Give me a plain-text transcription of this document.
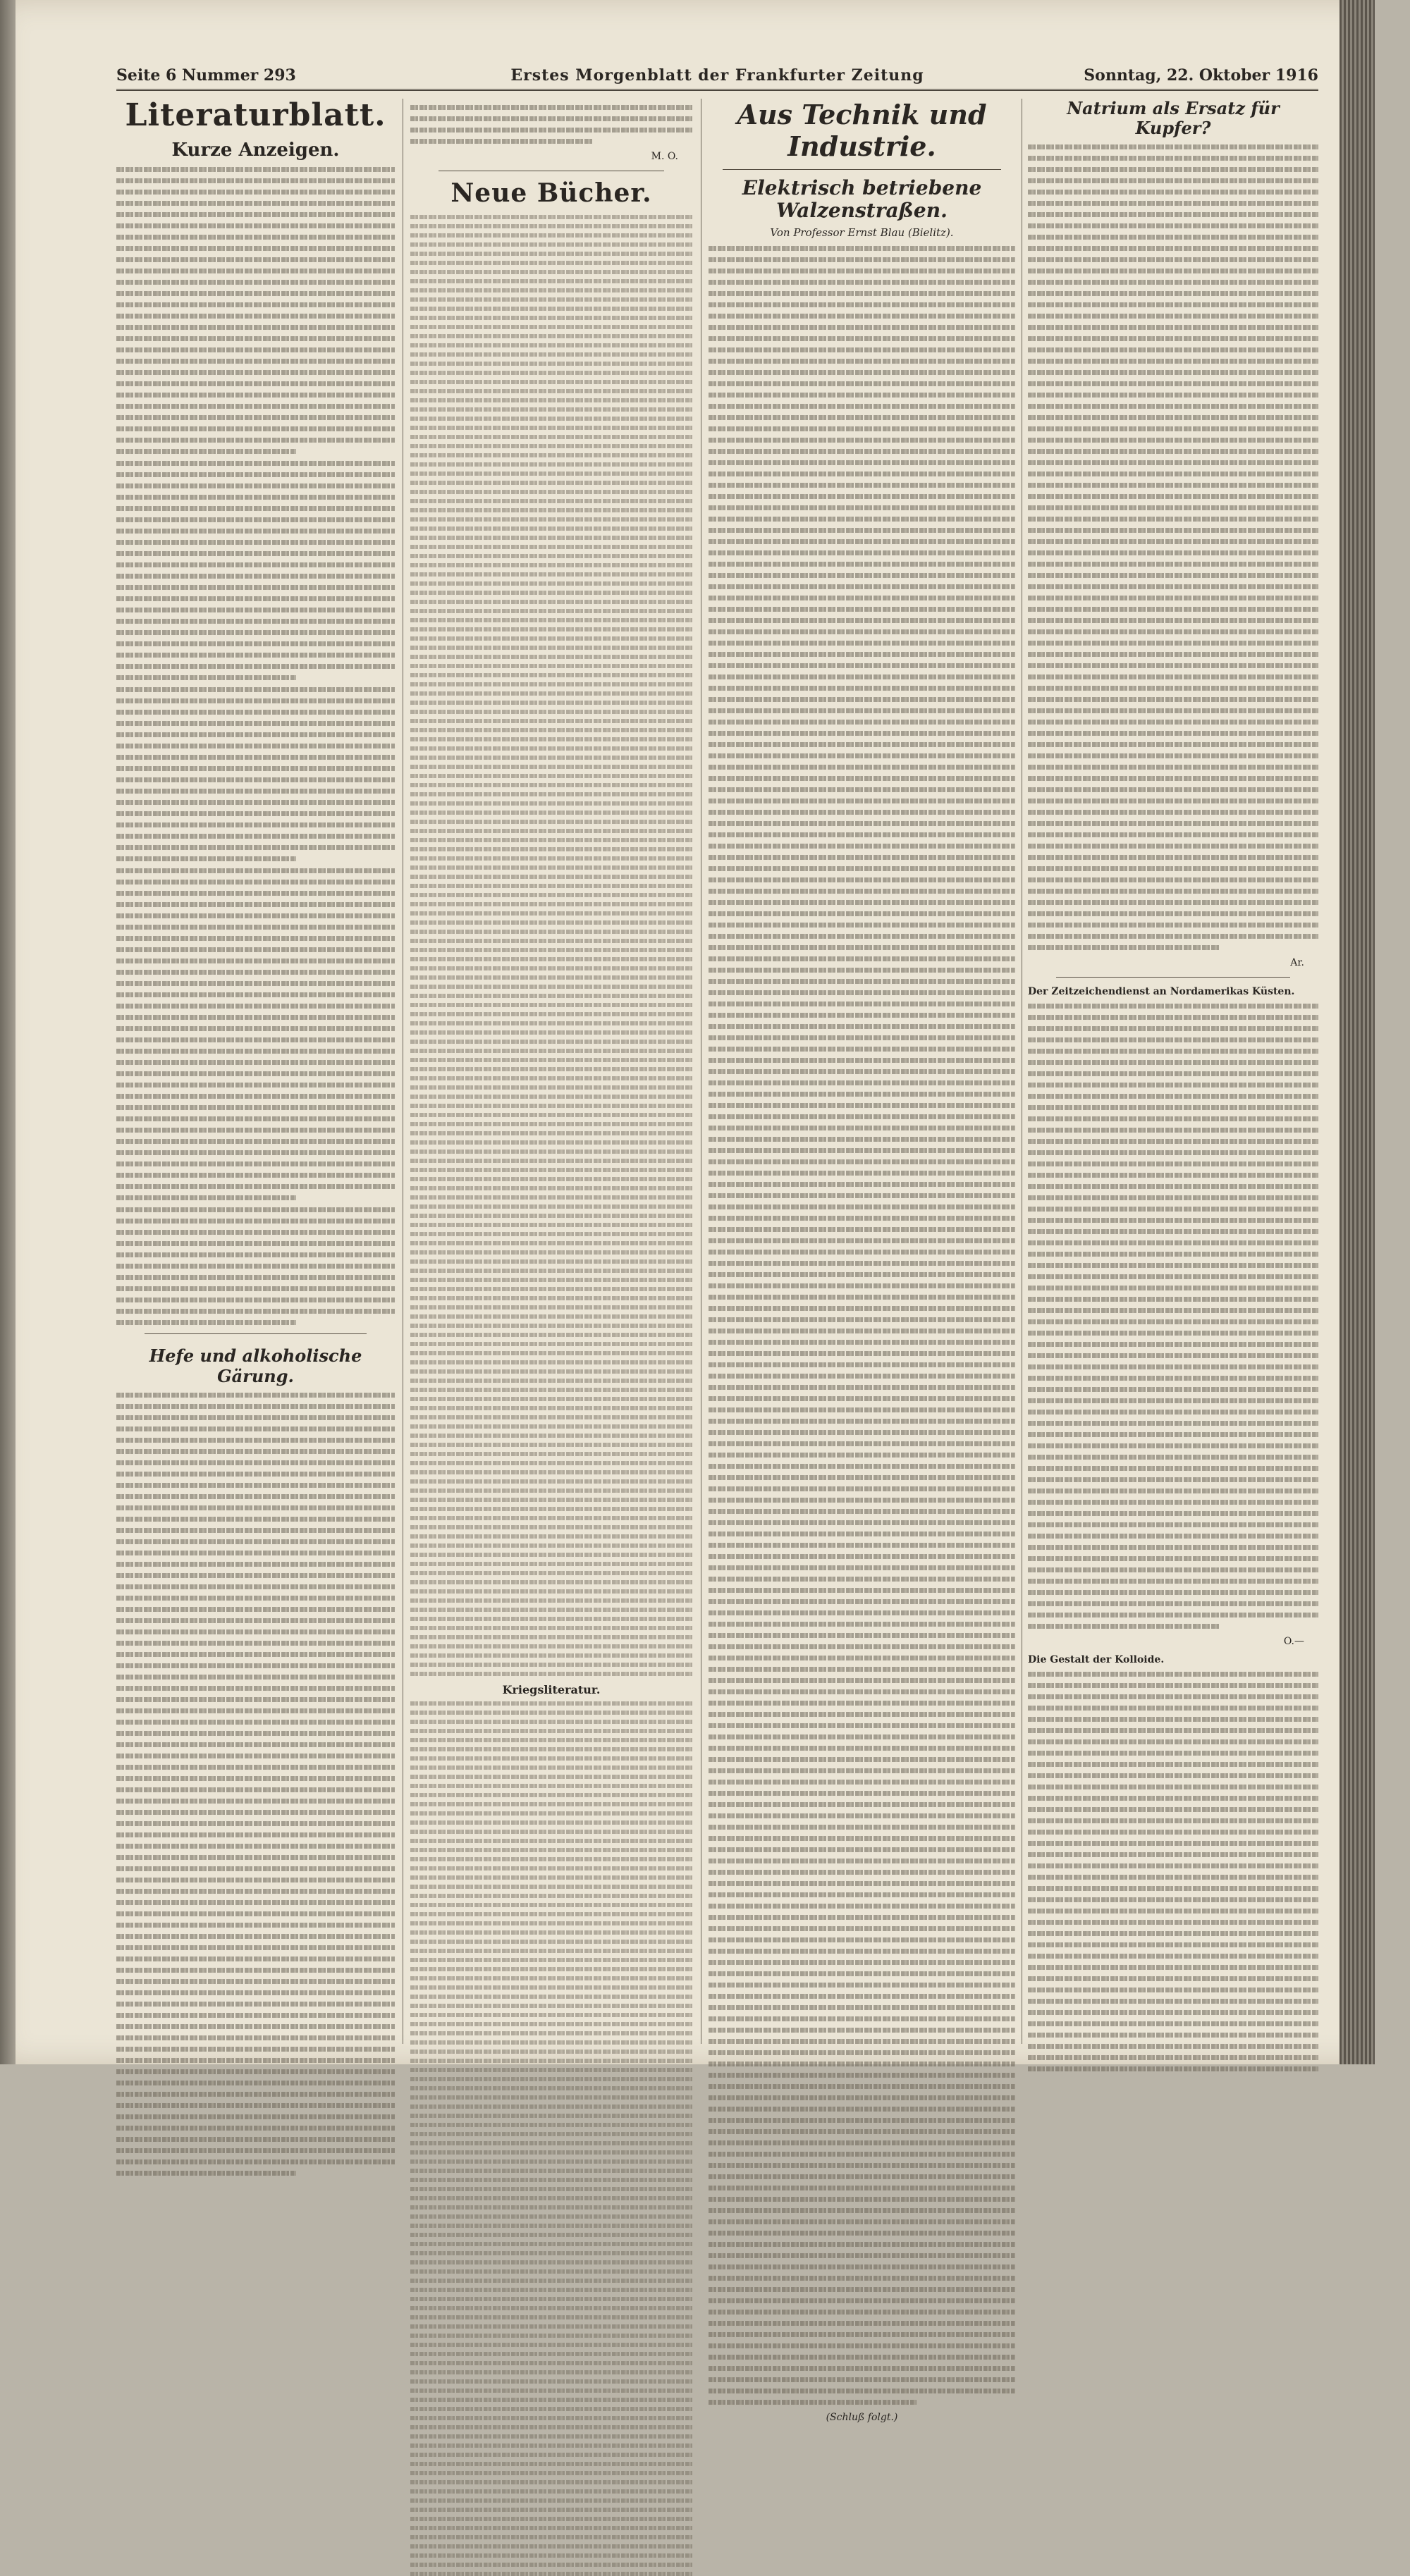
Seite 6 Nummer 293	Erstes Morgenblatt der Frankfurter Zeitung	Sonntag, 22. Oktober 1916
Literaturblatt.
Kurze Anzeigen.
Hefe und alkoholische Gärung.
M. O.
Neue Bücher.
Kriegsliteratur.
Aus Technik und Industrie.
Elektrisch betriebene Walzenstraßen.
Von Professor Ernst Blau (Bielitz).
(Schluß folgt.)
Natrium als Ersatz für Kupfer?
Ar.
Der Zeitzeichendienst an Nordamerikas Küsten.
O.—
Die Gestalt der Kolloide.
